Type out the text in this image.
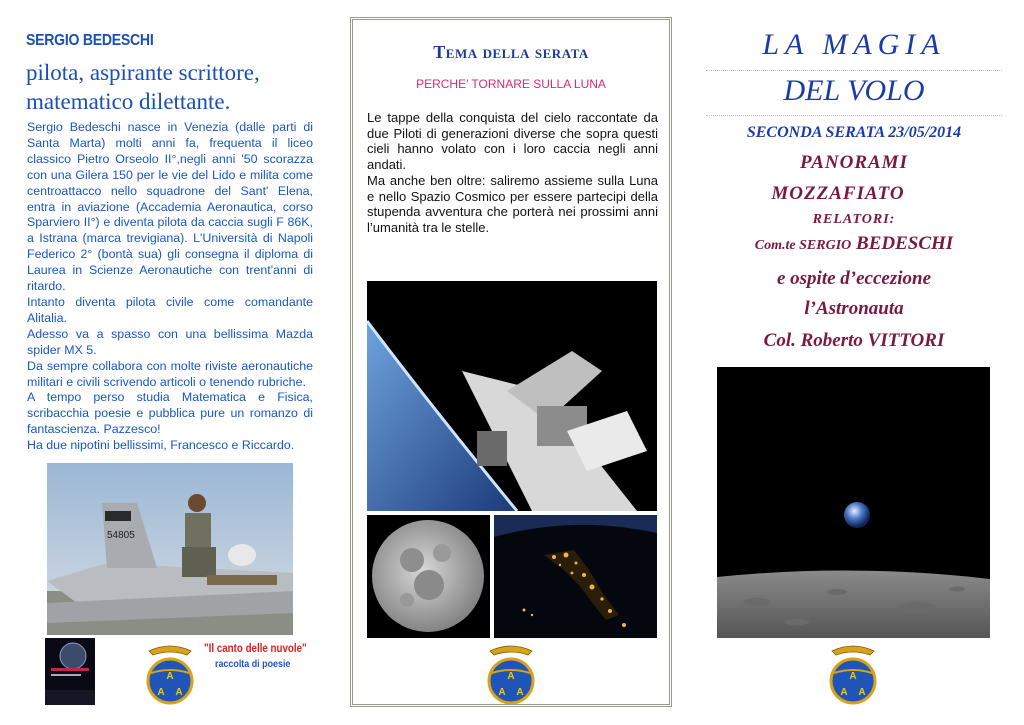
SERGIO BEDESCHI
pilota, aspirante scrittore, matematico dilettante.

Sergio Bedeschi nasce in Venezia (dalle parti di Santa Marta) molti anni fa, frequenta il liceo classico Pietro Orseolo II°,negli anni '50 scorazza con una Gilera 150 per le vie del Lido e milita come centroattacco nello squadrone del Sant' Elena, entra in aviazione (Accademia Aeronautica, corso Sparviero II°) e diventa pilota da caccia sugli F 86K, a Istrana (marca trevigiana). L'Università di Napoli Federico 2° (bontà sua) gli consegna il diploma di Laurea in Scienze Aeronautiche con trent'anni di ritardo.

Intanto diventa pilota civile come comandante Alitalia.

Adesso va a spasso con una bellissima Mazda spider MX 5.

Da sempre collabora con molte riviste aeronautiche militari e civili scrivendo articoli o tenendo rubriche.

A tempo perso studia Matematica e Fisica, scribacchia poesie e pubblica pure un romanzo di fantascienza. Pazzesco!

Ha due nipotini bellissimi, Francesco e Riccardo.

54805
"Il canto delle nuvole"
raccolta di poesie
A
A A
A
A A
A
A A
Tema della serata
PERCHE’ TORNARE SULLA LUNA

Le tappe della conquista del cielo raccontate da due Piloti di generazioni diverse che sopra questi cieli hanno volato con i loro caccia negli anni andati.

Ma anche ben oltre: saliremo assieme sulla Luna e nello Spazio Cosmico per essere partecipi della stupenda avventura che porterà nei prossimi anni l’umanità tra le stelle.

LA MAGIA
DEL VOLO
SECONDA SERATA 23/05/2014
PANORAMI
MOZZAFIATO
RELATORI:
Com.te SERGIO BEDESCHI
e ospite d’eccezione
l’Astronauta
Col. Roberto VITTORI
